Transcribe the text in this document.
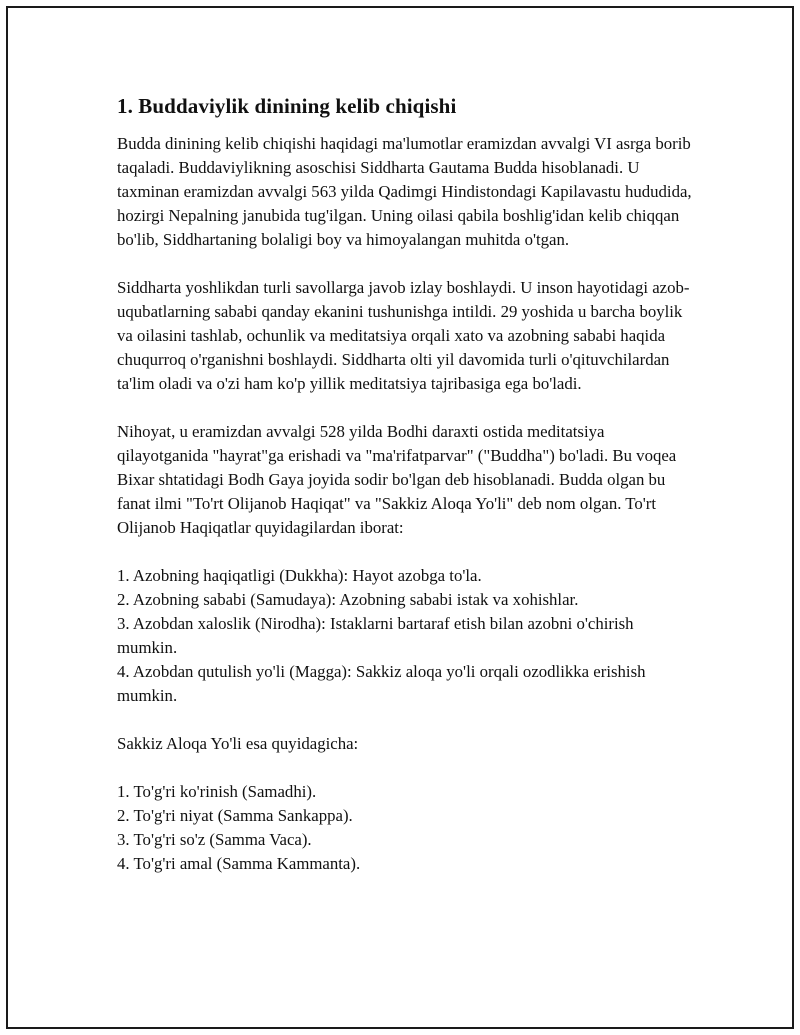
1. Buddaviylik dinining kelib chiqishi

Budda dinining kelib chiqishi haqidagi ma'lumotlar eramizdan avvalgi VI asrga borib taqaladi. Buddaviylikning asoschisi Siddharta Gautama Budda hisoblanadi. U taxminan eramizdan avvalgi 563 yilda Qadimgi Hindistondagi Kapilavastu hududida, hozirgi Nepalning janubida tug'ilgan. Uning oilasi qabila boshlig'idan kelib chiqqan bo'lib, Siddhartaning bolaligi boy va himoyalangan muhitda o'tgan.

Siddharta yoshlikdan turli savollarga javob izlay boshlaydi. U inson hayotidagi azob-uqubatlarning sababi qanday ekanini tushunishga intildi. 29 yoshida u barcha boylik va oilasini tashlab, ochunlik va meditatsiya orqali xato va azobning sababi haqida chuqurroq o'rganishni boshlaydi. Siddharta olti yil davomida turli o'qituvchilardan ta'lim oladi va o'zi ham ko'p yillik meditatsiya tajribasiga ega bo'ladi.

Nihoyat, u eramizdan avvalgi 528 yilda Bodhi daraxti ostida meditatsiya qilayotganida "hayrat"ga erishadi va "ma'rifatparvar" ("Buddha") bo'ladi. Bu voqea Bixar shtatidagi Bodh Gaya joyida sodir bo'lgan deb hisoblanadi. Budda olgan bu fanat ilmi "To'rt Olijanob Haqiqat" va "Sakkiz Aloqa Yo'li" deb nom olgan. To'rt Olijanob Haqiqatlar quyidagilardan iborat:

1. Azobning haqiqatligi (Dukkha): Hayot azobga to'la.
2. Azobning sababi (Samudaya): Azobning sababi istak va xohishlar.
3. Azobdan xaloslik (Nirodha): Istaklarni bartaraf etish bilan azobni o'chirish mumkin.
4. Azobdan qutulish yo'li (Magga): Sakkiz aloqa yo'li orqali ozodlikka erishish mumkin.

Sakkiz Aloqa Yo'li esa quyidagicha:

1. To'g'ri ko'rinish (Samadhi).
2. To'g'ri niyat (Samma Sankappa).
3. To'g'ri so'z (Samma Vaca).
4. To'g'ri amal (Samma Kammanta).
